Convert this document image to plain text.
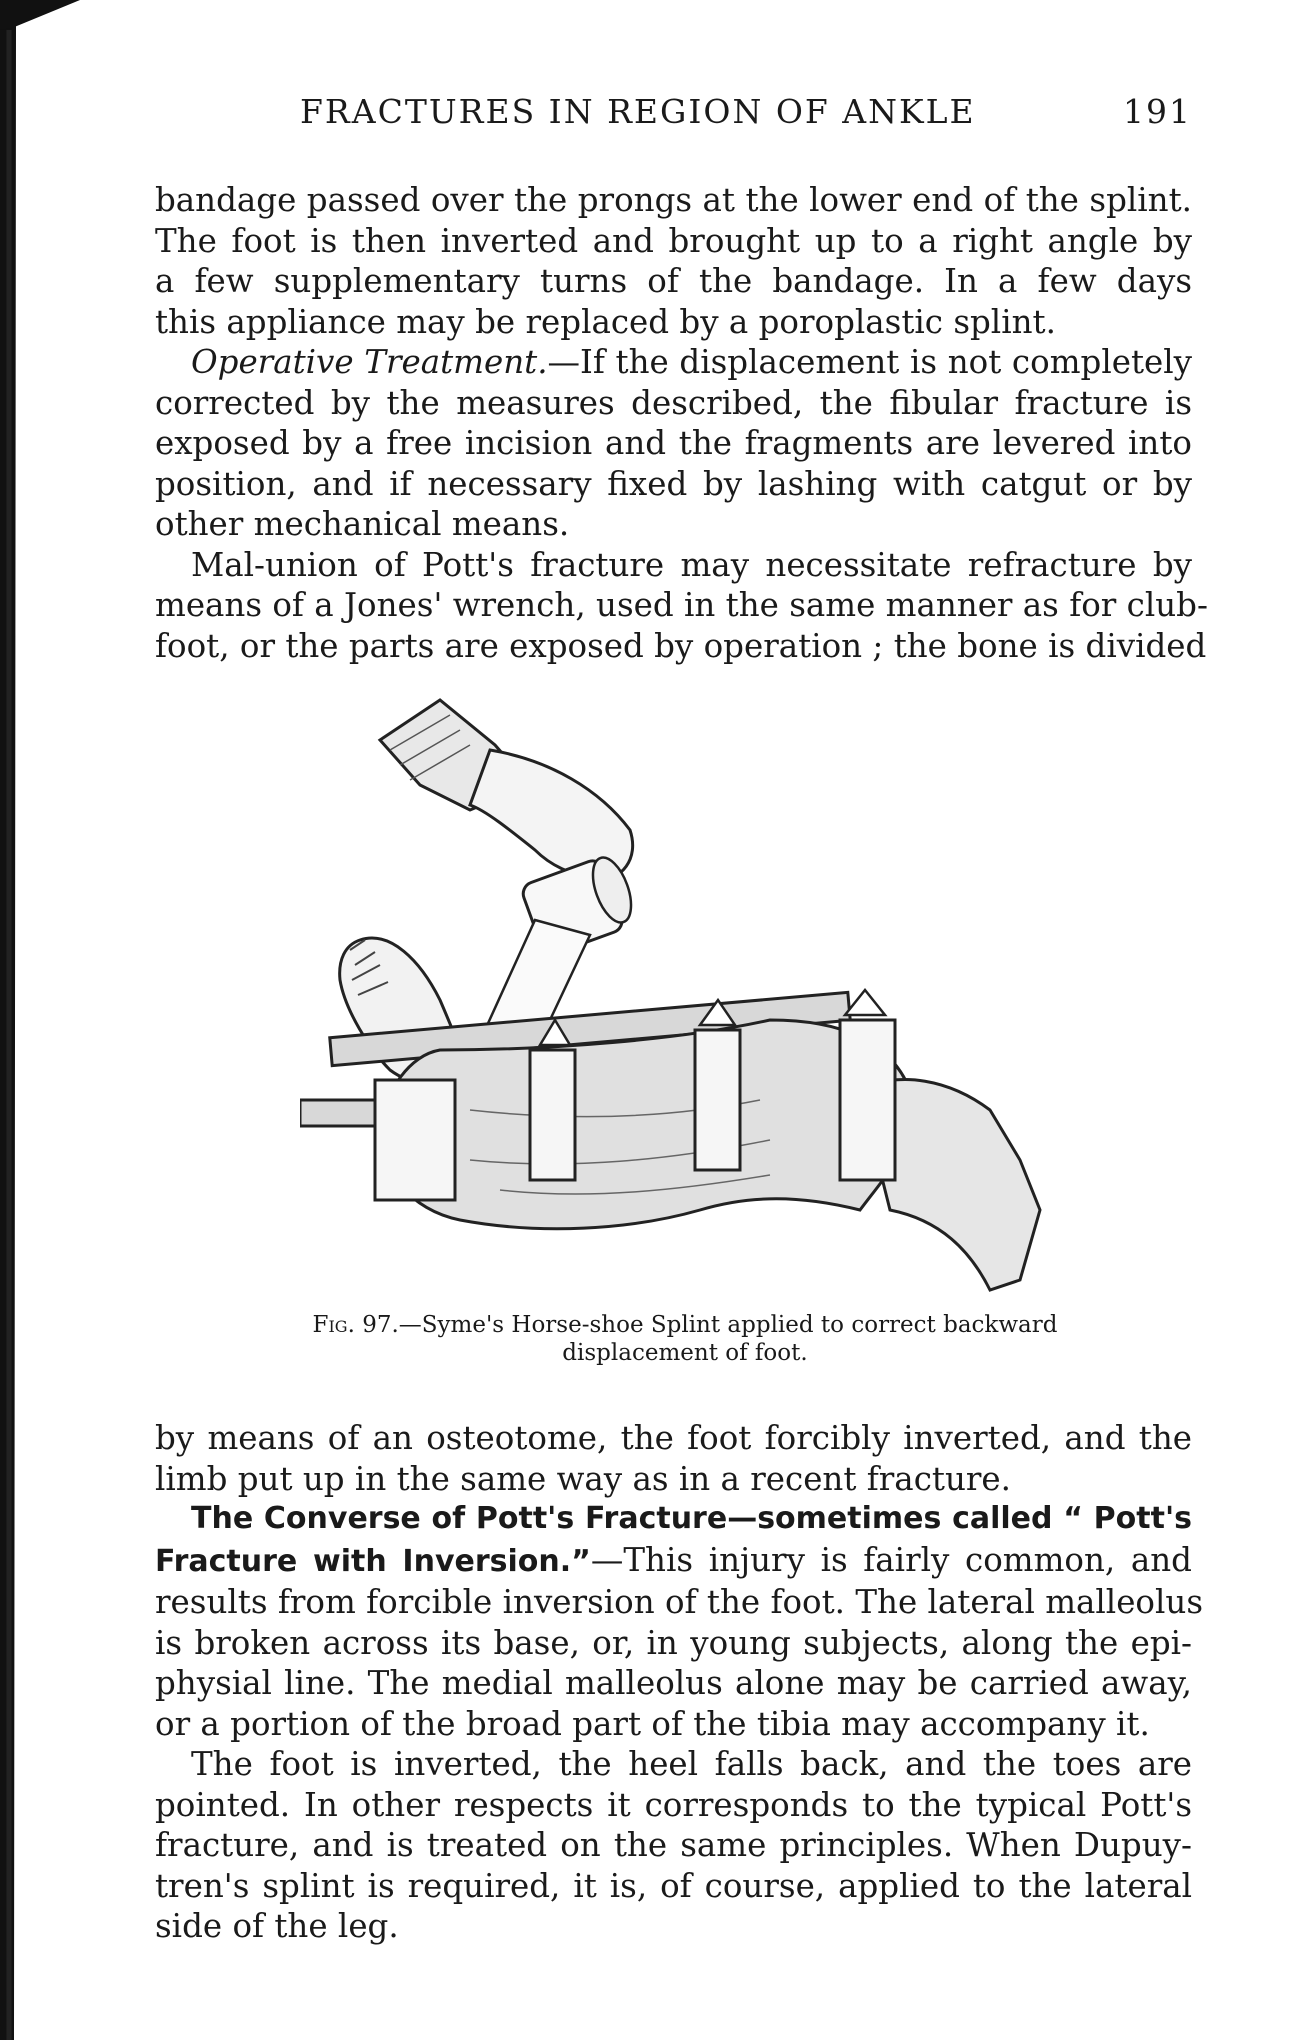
FRACTURES IN REGION OF ANKLE	191
bandage passed over the prongs at the lower end of the splint.
The foot is then inverted and brought up to a right angle by
a few supplementary turns of the bandage. In a few days
this appliance may be replaced by a poroplastic splint.
Operative Treatment.—If the displacement is not completely
corrected by the measures described, the fibular fracture is
exposed by a free incision and the fragments are levered into
position, and if necessary fixed by lashing with catgut or by
other mechanical means.
Mal-union of Pott's fracture may necessitate refracture by
means of a Jones' wrench, used in the same manner as for club-
foot, or the parts are exposed by operation ; the bone is divided
Fig. 97.—Syme's Horse-shoe Splint applied to correct backward
displacement of foot.
by means of an osteotome, the foot forcibly inverted, and the
limb put up in the same way as in a recent fracture.
The Converse of Pott's Fracture—sometimes called “ Pott's
Fracture with Inversion.”—This injury is fairly common, and
results from forcible inversion of the foot. The lateral malleolus
is broken across its base, or, in young subjects, along the epi-
physial line. The medial malleolus alone may be carried away,
or a portion of the broad part of the tibia may accompany it.
The foot is inverted, the heel falls back, and the toes are
pointed. In other respects it corresponds to the typical Pott's
fracture, and is treated on the same principles. When Dupuy-
tren's splint is required, it is, of course, applied to the lateral
side of the leg.
